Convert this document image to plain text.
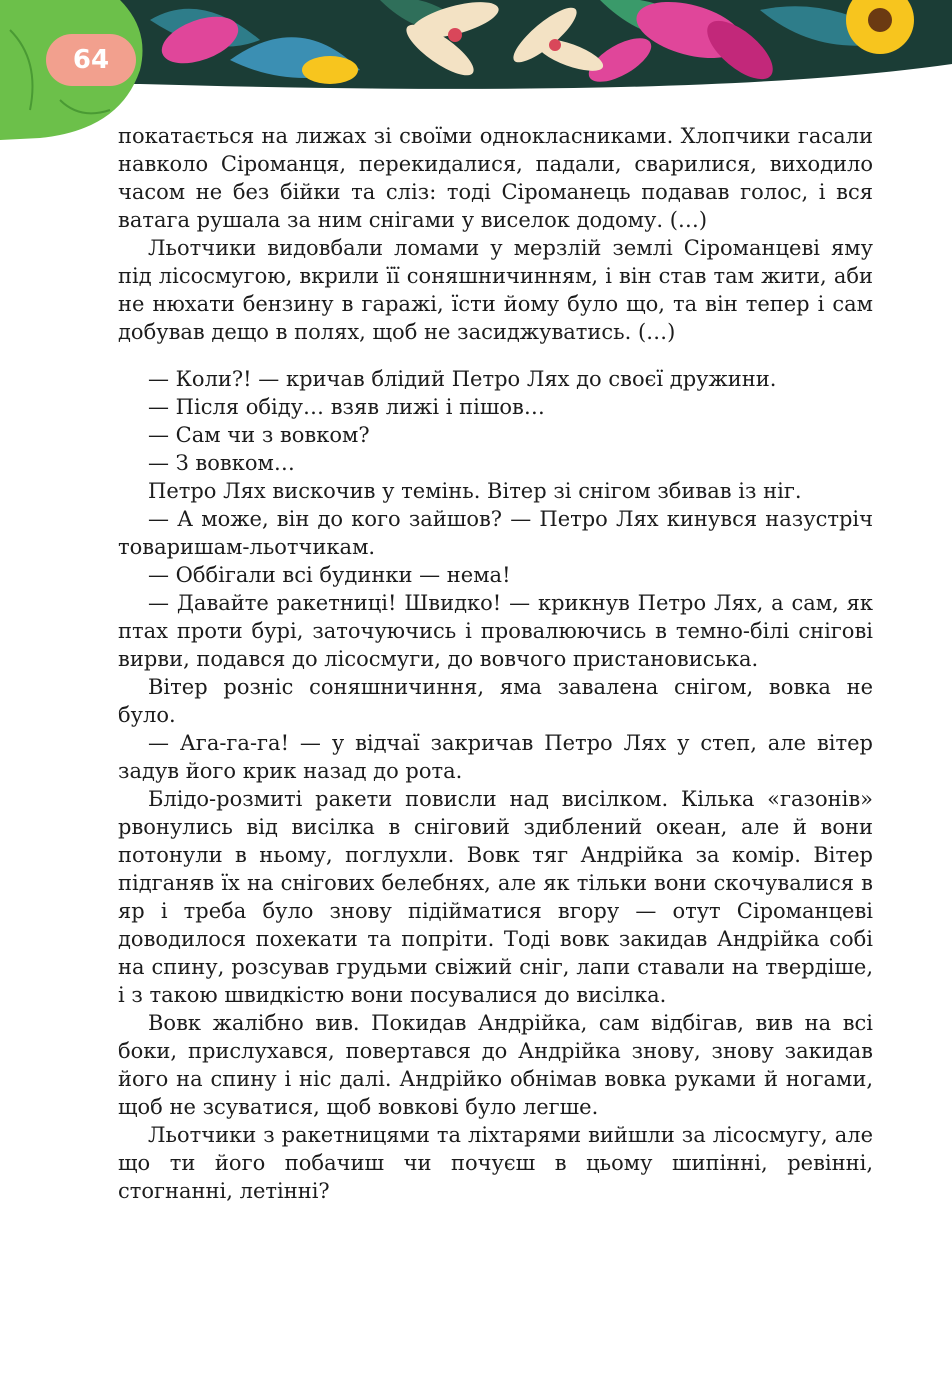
64

покатається на лижах зі своїми однокласниками. Хлопчики гасали навколо Сіроманця, перекидалися, падали, сварилися, виходило часом не без бійки та сліз: тоді Сіроманець подавав голос, і вся ватага рушала за ним снігами у виселок додому. (…)

Льотчики видовбали ломами у мерзлій землі Сіроманцеві яму під лісосмугою, вкрили її соняшничинням, і він став там жити, аби не нюхати бензину в гаражі, їсти йому було що, та він тепер і сам добував дещо в полях, щоб не засиджуватись. (…)

— Коли?! — кричав блідий Петро Лях до своєї дружини.

— Після обіду… взяв лижі і пішов…

— Сам чи з вовком?

— З вовком…

Петро Лях вискочив у темінь. Вітер зі снігом збивав із ніг.

— А може, він до кого зайшов? — Петро Лях кинувся назустріч товаришам-льотчикам.

— Оббігали всі будинки — нема!

— Давайте ракетниці! Швидко! — крикнув Петро Лях, а сам, як птах проти бурі, заточуючись і провалюючись в темно-білі снігові вирви, подався до лісосмуги, до вовчого пристановиська.

Вітер розніс соняшничиння, яма завалена снігом, вовка не було.

— Ага-га-га! — у відчаї закричав Петро Лях у степ, але вітер задув його крик назад до рота.

Блідо-розмиті ракети повисли над висілком. Кілька «газонів» рвонулись від висілка в сніговий здиблений океан, але й вони потонули в ньому, поглухли. Вовк тяг Андрійка за комір. Вітер підганяв їх на снігових белебнях, але як тільки вони скочувалися в яр і треба було знову підійматися вгору — отут Сіроманцеві доводилося похекати та попріти. Тоді вовк закидав Андрійка собі на спину, розсував грудьми свіжий сніг, лапи ставали на твердіше, і з такою швидкістю вони посувалися до висілка.

Вовк жалібно вив. Покидав Андрійка, сам відбігав, вив на всі боки, прислухався, повертався до Андрійка знову, знову закидав його на спину і ніс далі. Андрійко обнімав вовка руками й ногами, щоб не зсуватися, щоб вовкові було легше.

Льотчики з ракетницями та ліхтарями вийшли за лісосмугу, але що ти його побачиш чи почуєш в цьому шипінні, ревінні, стогнанні, летінні?
